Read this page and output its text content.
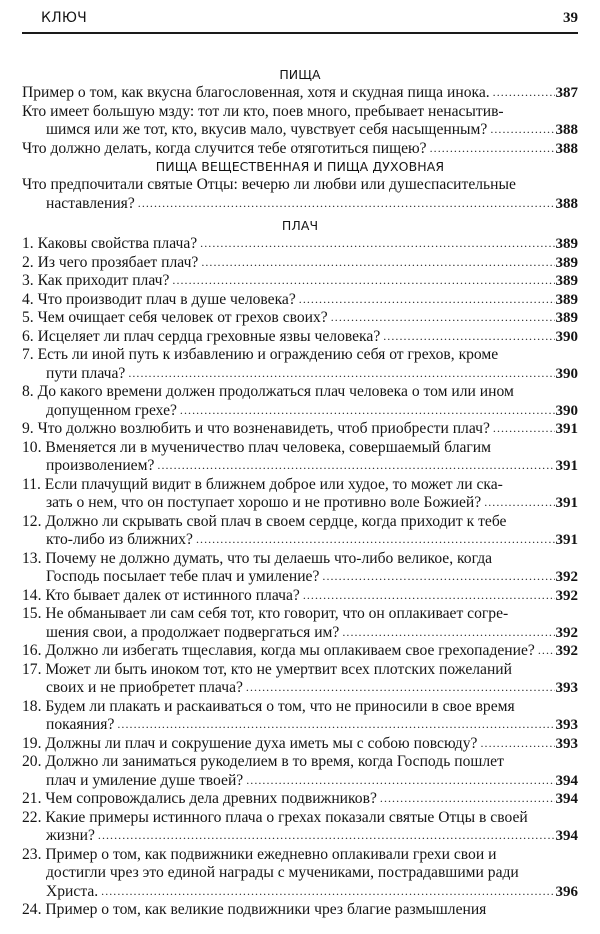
КЛЮЧ	39
ПИЩА
Пример о том, как вкусна благословенная, хотя и скудная пища инока. .....	387
Кто имеет большую мзду: тот ли кто, поев много, пребывает ненасытив-
шимся или же тот, кто, вкусив мало, чувствует себя насыщенным? .....	388
Что должно делать, когда случится тебе отяготиться пищею? .....	388
ПИЩА ВЕЩЕСТВЕННАЯ И ПИЩА ДУХОВНАЯ
Что предпочитали святые Отцы: вечерю ли любви или душеспасительные
наставления? .....	388
ПЛАЧ
1. Каковы свойства плача? .....	389
2. Из чего прозябает плач? .....	389
3. Как приходит плач? .....	389
4. Что производит плач в душе человека? .....	389
5. Чем очищает себя человек от грехов своих? .....	389
6. Исцеляет ли плач сердца греховные язвы человека? .....	390
7. Есть ли иной путь к избавлению и ограждению себя от грехов, кроме
пути плача? .....	390
8. До какого времени должен продолжаться плач человека о том или ином
допущенном грехе? .....	390
9. Что должно возлюбить и что возненавидеть, чтоб приобрести плач? .....	391
10. Вменяется ли в мученичество плач человека, совершаемый благим
произволением? .....	391
11. Если плачущий видит в ближнем доброе или худое, то может ли ска-
зать о нем, что он поступает хорошо и не противно воле Божией? .....	391
12. Должно ли скрывать свой плач в своем сердце, когда приходит к тебе
кто-либо из ближних? .....	391
13. Почему не должно думать, что ты делаешь что-либо великое, когда
Господь посылает тебе плач и умиление? .....	392
14. Кто бывает далек от истинного плача? .....	392
15. Не обманывает ли сам себя тот, кто говорит, что он оплакивает согре-
шения свои, а продолжает подвергаться им? .....	392
16. Должно ли избегать тщеславия, когда мы оплакиваем свое грехопадение? ..... 392
17. Может ли быть иноком тот, кто не умертвит всех плотских пожеланий
своих и не приобретет плача? .....	393
18. Будем ли плакать и раскаиваться о том, что не приносили в свое время
покаяния? .....	393
19. Должны ли плач и сокрушение духа иметь мы с собою повсюду? .....	393
20. Должно ли заниматься рукоделием в то время, когда Господь пошлет
плач и умиление душе твоей? .....	394
21. Чем сопровождались дела древних подвижников? .....	394
22. Какие примеры истинного плача о грехах показали святые Отцы в своей
жизни? .....	394
23. Пример о том, как подвижники ежедневно оплакивали грехи свои и
достигли чрез это единой награды с мучениками, пострадавшими ради
Христа. .....	396
24. Пример о том, как великие подвижники чрез благие размышления
